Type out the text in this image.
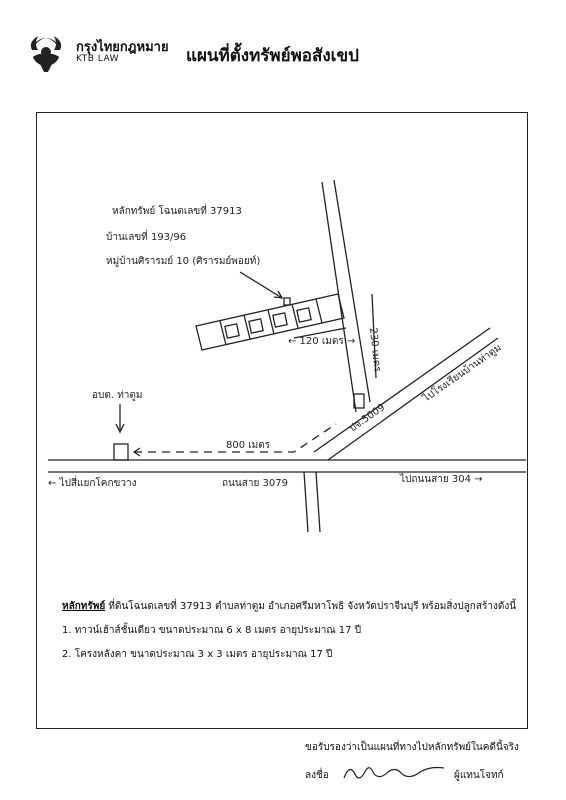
กรุงไทยกฎหมาย
KTB LAW	แผนที่ตั้งทรัพย์พอสังเขป
หลักทรัพย์ โฉนดเลขที่ 37913
บ้านเลขที่ 193/96
หมู่บ้านศิรารมย์ 10 (ศิรารมย์พอยท์)
← 120 เมตร → 230 เมตร
ปจ.5009
ไปโรงเรียนบ้านท่าตูม
อบต. ท่าตูม
800 เมตร
← ไปสี่แยกโคกขวาง	ถนนสาย 3079	ไปถนนสาย 304 →
หลักทรัพย์ ที่ดินโฉนดเลขที่ 37913 ตำบลท่าตูม อำเภอศรีมหาโพธิ จังหวัดปราจีนบุรี พร้อมสิ่งปลูกสร้างดังนี้
1. ทาวน์เฮ้าส์ชั้นเดียว ขนาดประมาณ 6 x 8 เมตร อายุประมาณ 17 ปี
2. โครงหลังคา ขนาดประมาณ 3 x 3 เมตร อายุประมาณ 17 ปี
ขอรับรองว่าเป็นแผนที่ทางไปหลักทรัพย์ในคดีนี้จริง
ลงชื่อ	ผู้แทนโจทก์
